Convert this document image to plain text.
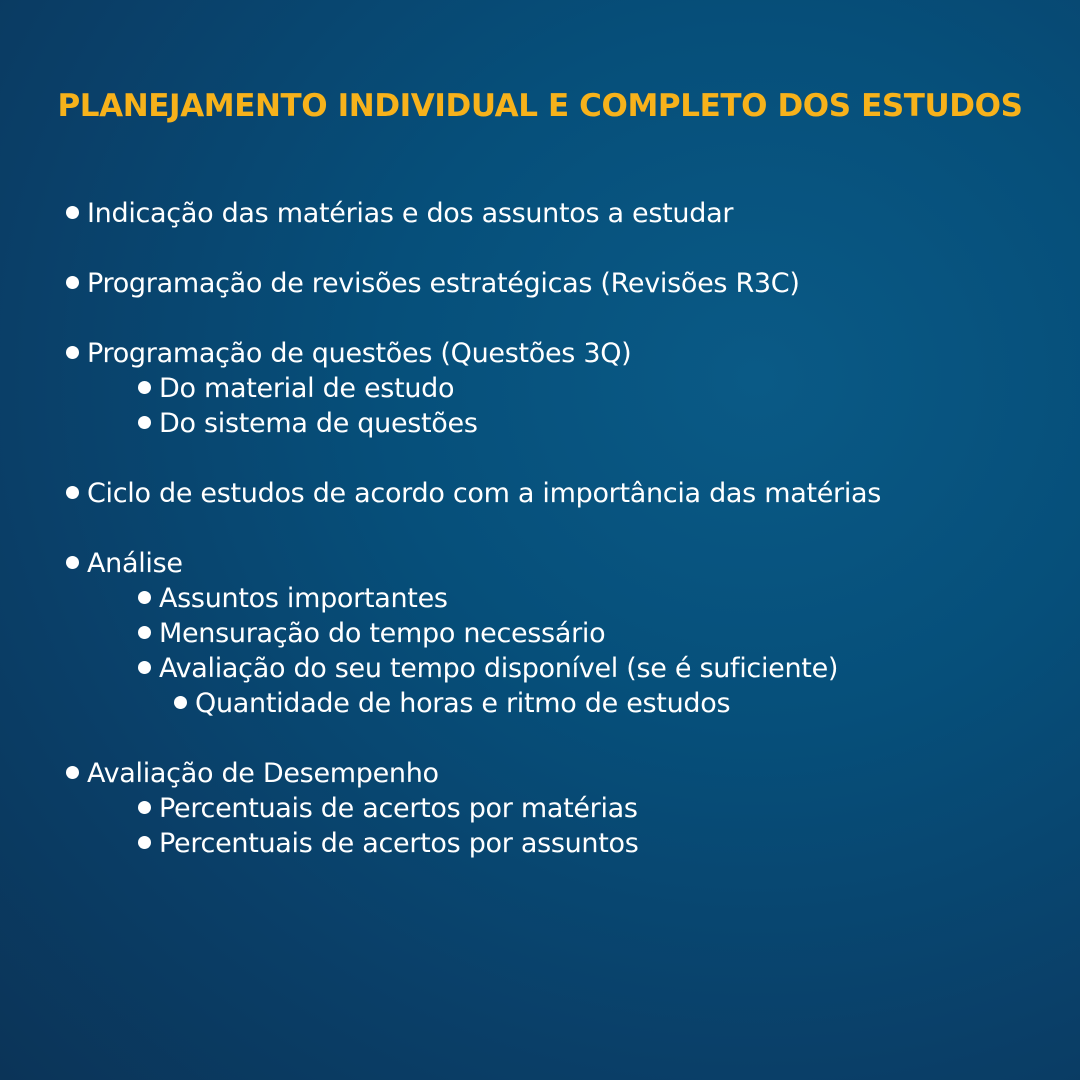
PLANEJAMENTO INDIVIDUAL E COMPLETO DOS ESTUDOS
Indicação das matérias e dos assuntos a estudar
Programação de revisões estratégicas (Revisões R3C)
Programação de questões (Questões 3Q)
Do material de estudo
Do sistema de questões
Ciclo de estudos de acordo com a importância das matérias
Análise
Assuntos importantes
Mensuração do tempo necessário
Avaliação do seu tempo disponível (se é suficiente)
Quantidade de horas e ritmo de estudos
Avaliação de Desempenho
Percentuais de acertos por matérias
Percentuais de acertos por assuntos
